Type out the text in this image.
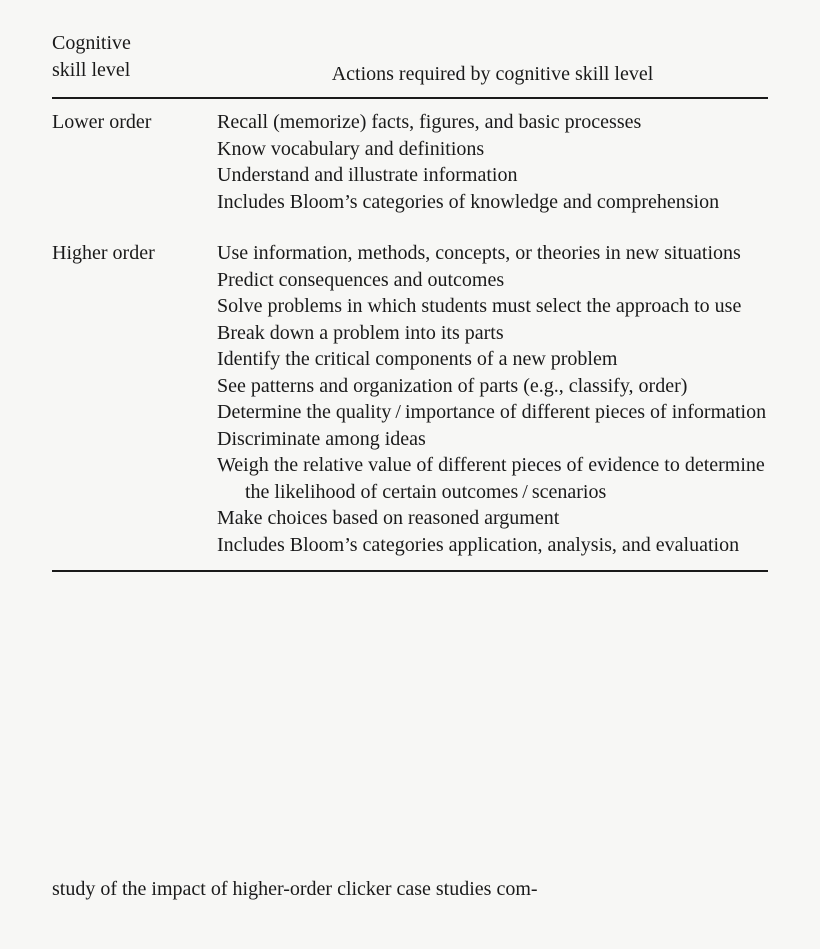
Cognitive
skill level	Actions required by cognitive skill level
Lower order	Recall (memorize) facts, figures, and basic processes

Know vocabulary and definitions

Understand and illustrate information

Includes Bloom’s categories of knowledge and comprehension

Higher order	Use information, methods, concepts, or theories in new situations

Predict consequences and outcomes

Solve problems in which students must select the approach to use

Break down a problem into its parts

Identify the critical components of a new problem

See patterns and organization of parts (e.g., classify, order)

Determine the quality / importance of different pieces of information

Discriminate among ideas

Weigh the relative value of different pieces of evidence to determine the likelihood of certain outcomes / scenarios

Make choices based on reasoned argument

Includes Bloom’s categories application, analysis, and evaluation

study of the impact of higher-order clicker case studies com-
